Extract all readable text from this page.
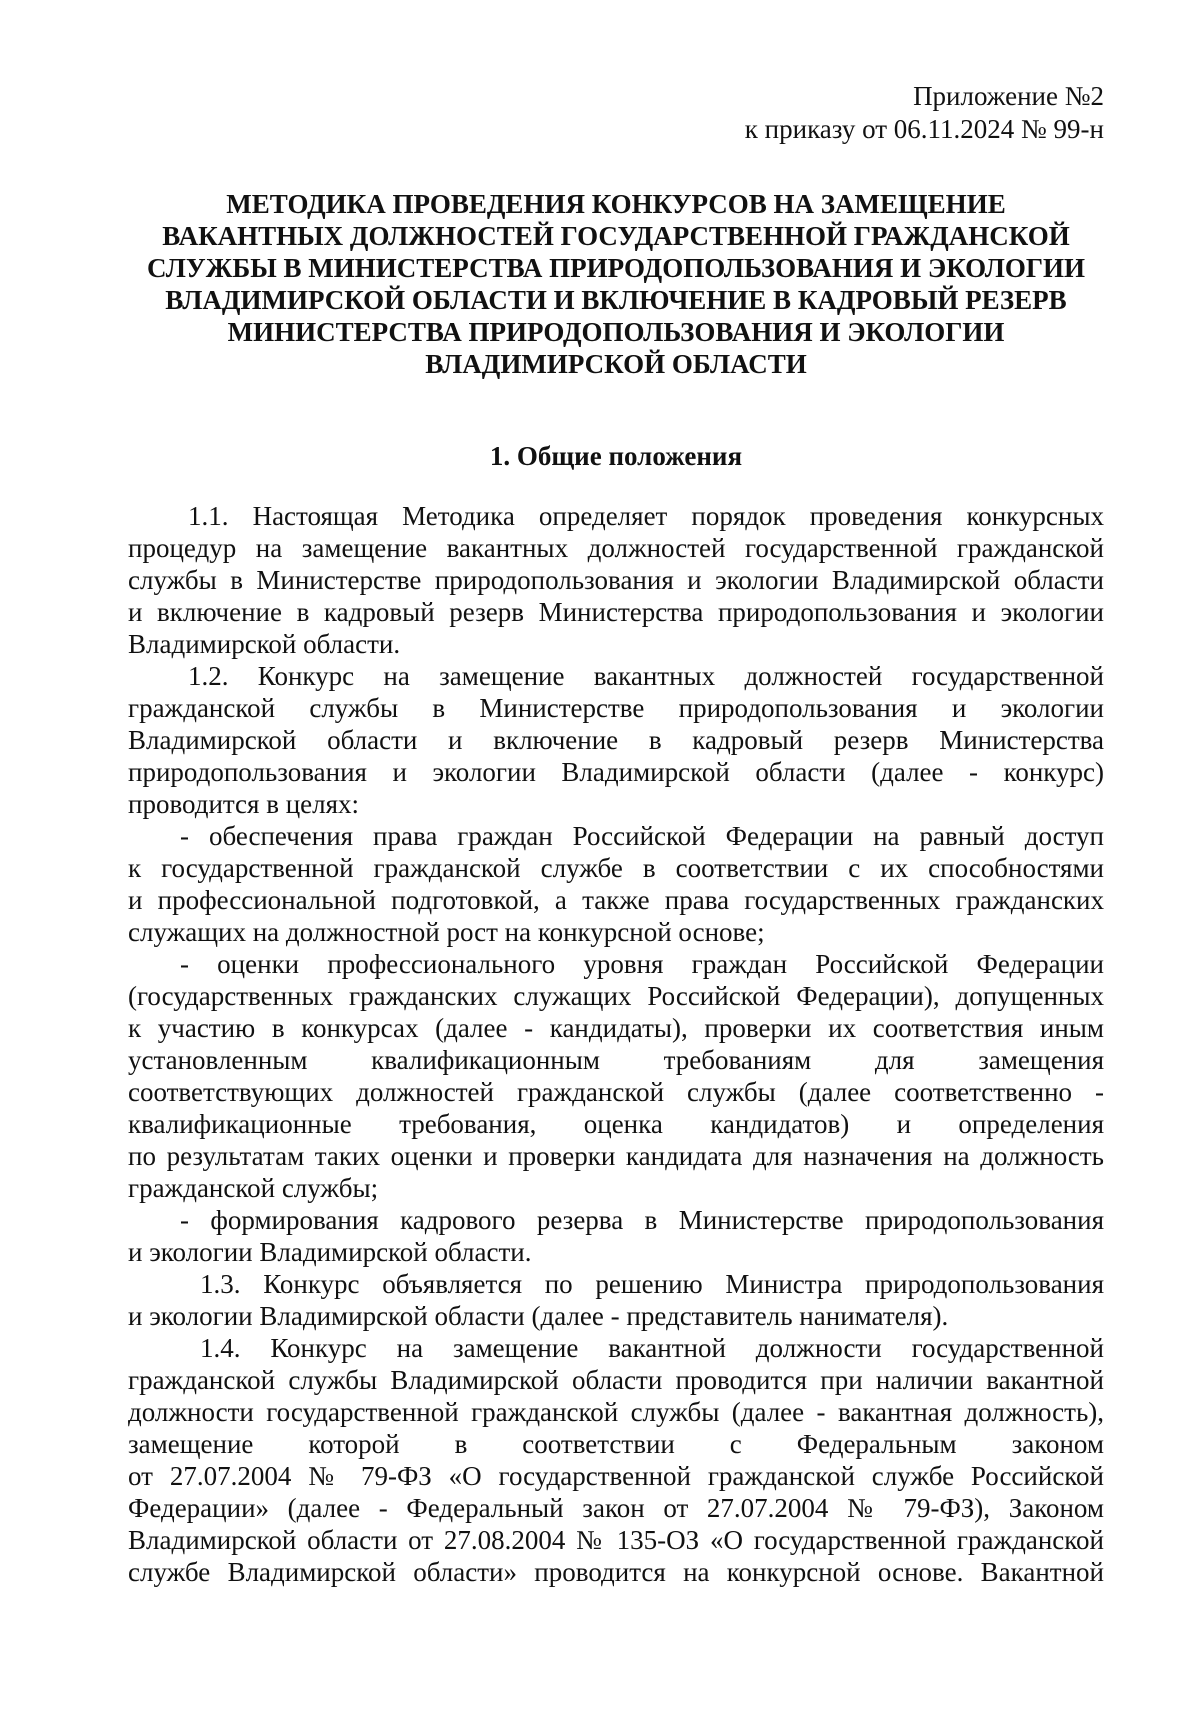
Приложение №2
к приказу от 06.11.2024 № 99-н
МЕТОДИКА ПРОВЕДЕНИЯ КОНКУРСОВ НА ЗАМЕЩЕНИЕ
ВАКАНТНЫХ ДОЛЖНОСТЕЙ ГОСУДАРСТВЕННОЙ ГРАЖДАНСКОЙ
СЛУЖБЫ В МИНИСТЕРСТВА ПРИРОДОПОЛЬЗОВАНИЯ И ЭКОЛОГИИ
ВЛАДИМИРСКОЙ ОБЛАСТИ И ВКЛЮЧЕНИЕ В КАДРОВЫЙ РЕЗЕРВ
МИНИСТЕРСТВА ПРИРОДОПОЛЬЗОВАНИЯ И ЭКОЛОГИИ
ВЛАДИМИРСКОЙ ОБЛАСТИ
1. Общие положения
1.1. Настоящая Методика определяет порядок проведения конкурсных
процедур на замещение вакантных должностей государственной гражданской
службы в Министерстве природопользования и экологии Владимирской области
и включение в кадровый резерв Министерства природопользования и экологии
Владимирской области.
1.2. Конкурс на замещение вакантных должностей государственной
гражданской службы в Министерстве природопользования и экологии
Владимирской области и включение в кадровый резерв Министерства
природопользования и экологии Владимирской области (далее - конкурс)
проводится в целях:
- обеспечения права граждан Российской Федерации на равный доступ
к государственной гражданской службе в соответствии с их способностями
и профессиональной подготовкой, а также права государственных гражданских
служащих на должностной рост на конкурсной основе;
- оценки профессионального уровня граждан Российской Федерации
(государственных гражданских служащих Российской Федерации), допущенных
к участию в конкурсах (далее - кандидаты), проверки их соответствия иным
установленным квалификационным требованиям для замещения
соответствующих должностей гражданской службы (далее соответственно -
квалификационные требования, оценка кандидатов) и определения
по результатам таких оценки и проверки кандидата для назначения на должность
гражданской службы;
- формирования кадрового резерва в Министерстве природопользования
и экологии Владимирской области.
1.3. Конкурс объявляется по решению Министра природопользования
и экологии Владимирской области (далее - представитель нанимателя).
1.4. Конкурс на замещение вакантной должности государственной
гражданской службы Владимирской области проводится при наличии вакантной
должности государственной гражданской службы (далее - вакантная должность),
замещение которой в соответствии с Федеральным законом
от 27.07.2004 № 79-ФЗ «О государственной гражданской службе Российской
Федерации» (далее - Федеральный закон от 27.07.2004 № 79-ФЗ), Законом
Владимирской области от 27.08.2004 № 135-ОЗ «О государственной гражданской
службе Владимирской области» проводится на конкурсной основе. Вакантной
